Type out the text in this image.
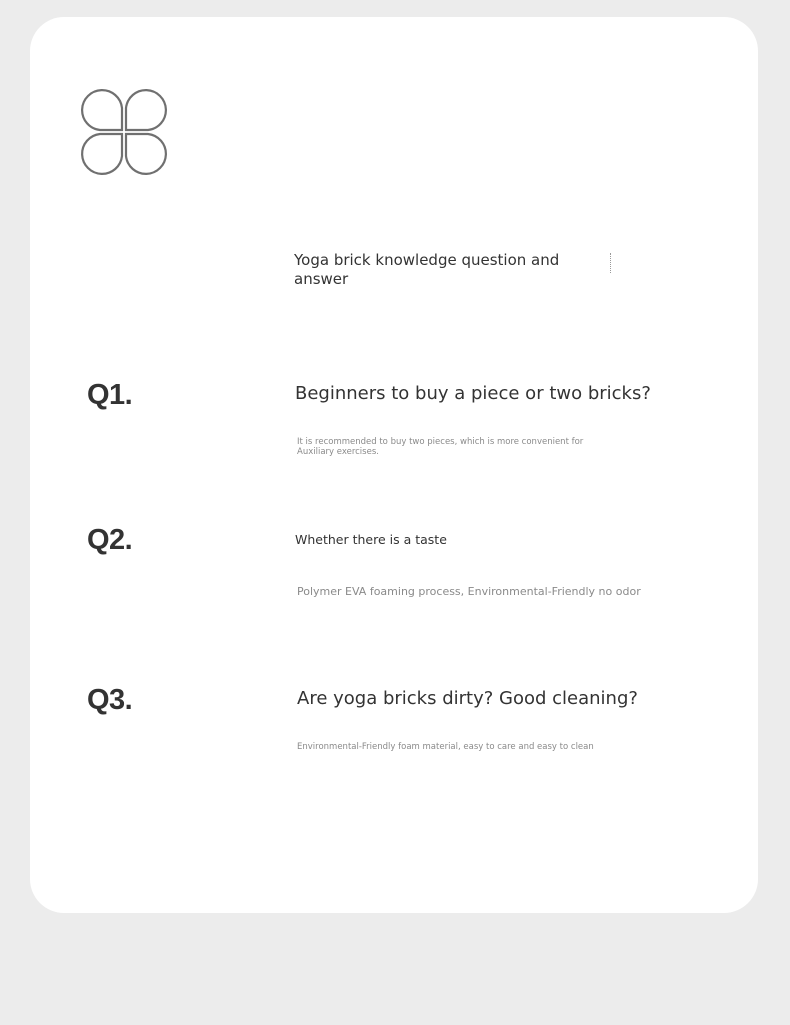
Yoga brick knowledge question and answer
Q1.	Beginners to buy a piece or two bricks?
It is recommended to buy two pieces, which is more convenient for Auxiliary exercises.
Q2.	Whether there is a taste
Polymer EVA foaming process, Environmental-Friendly no odor
Q3.	Are yoga bricks dirty? Good cleaning?
Environmental-Friendly foam material, easy to care and easy to clean
